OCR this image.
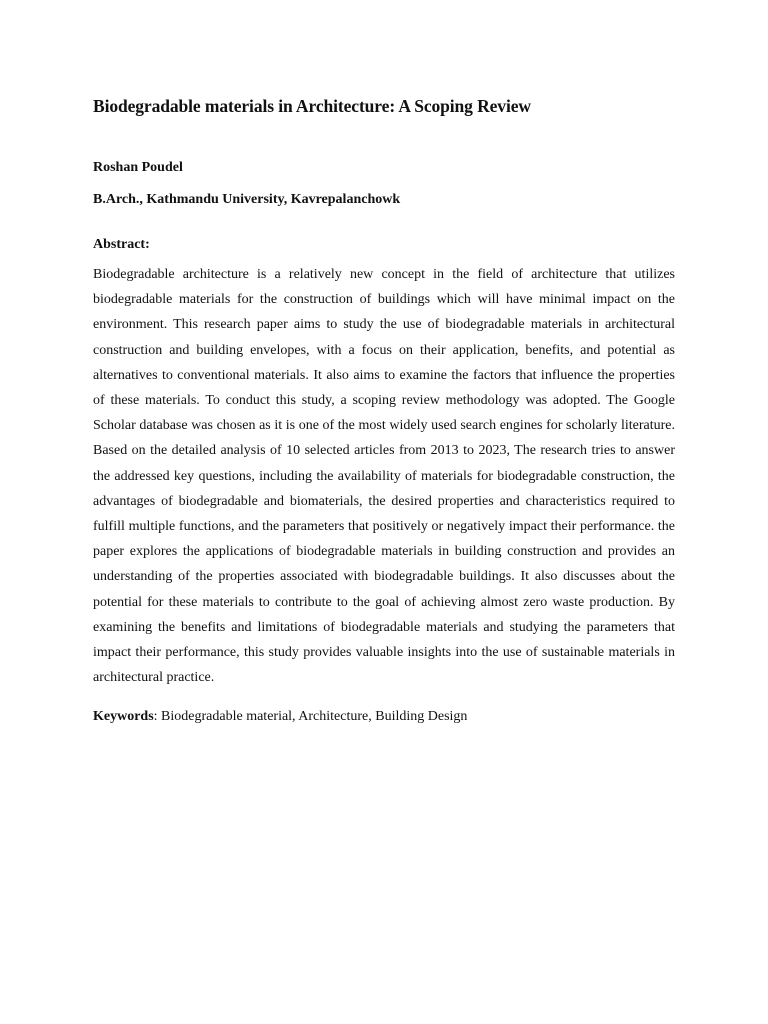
Biodegradable materials in Architecture: A Scoping Review

Roshan Poudel

B.Arch., Kathmandu University, Kavrepalanchowk

Abstract:

Biodegradable architecture is a relatively new concept in the field of architecture that utilizes biodegradable materials for the construction of buildings which will have minimal impact on the environment. This research paper aims to study the use of biodegradable materials in architectural construction and building envelopes, with a focus on their application, benefits, and potential as alternatives to conventional materials. It also aims to examine the factors that influence the properties of these materials. To conduct this study, a scoping review methodology was adopted. The Google Scholar database was chosen as it is one of the most widely used search engines for scholarly literature. Based on the detailed analysis of 10 selected articles from 2013 to 2023, The research tries to answer the addressed key questions, including the availability of materials for biodegradable construction, the advantages of biodegradable and biomaterials, the desired properties and characteristics required to fulfill multiple functions, and the parameters that positively or negatively impact their performance. the paper explores the applications of biodegradable materials in building construction and provides an understanding of the properties associated with biodegradable buildings. It also discusses about the potential for these materials to contribute to the goal of achieving almost zero waste production. By examining the benefits and limitations of biodegradable materials and studying the parameters that impact their performance, this study provides valuable insights into the use of sustainable materials in architectural practice.

Keywords: Biodegradable material, Architecture, Building Design
